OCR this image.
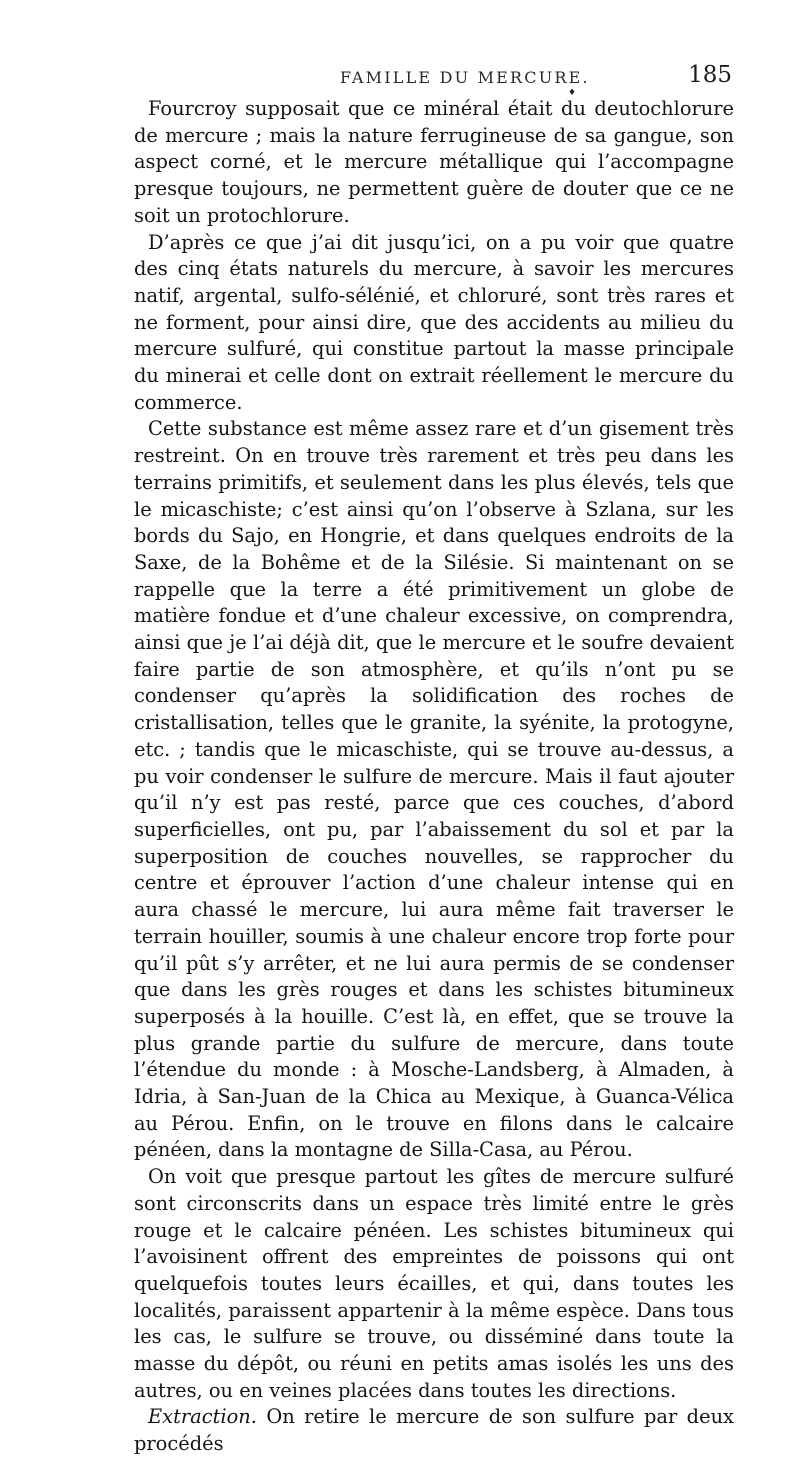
FAMILLE DU MERCURE.
♦
185

Fourcroy supposait que ce minéral était du deutochlorure de mercure ; mais la nature ferrugineuse de sa gangue, son aspect corné, et le mercure métallique qui l’accompagne presque toujours, ne permettent guère de douter que ce ne soit un protochlorure.

D’après ce que j’ai dit jusqu’ici, on a pu voir que quatre des cinq états naturels du mercure, à savoir les mercures natif, argental, sulfo-sélénié, et chloruré, sont très rares et ne forment, pour ainsi dire, que des accidents au milieu du mercure sulfuré, qui constitue partout la masse principale du minerai et celle dont on extrait réellement le mercure du commerce.

Cette substance est même assez rare et d’un gisement très restreint. On en trouve très rarement et très peu dans les terrains primitifs, et seulement dans les plus élevés, tels que le micaschiste; c’est ainsi qu’on l’observe à Szlana, sur les bords du Sajo, en Hongrie, et dans quelques endroits de la Saxe, de la Bohême et de la Silésie. Si maintenant on se rappelle que la terre a été primitivement un globe de matière fondue et d’une chaleur excessive, on comprendra, ainsi que je l’ai déjà dit, que le mercure et le soufre devaient faire partie de son atmosphère, et qu’ils n’ont pu se condenser qu’après la solidification des roches de cristallisation, telles que le granite, la syénite, la protogyne, etc. ; tandis que le micaschiste, qui se trouve au-dessus, a pu voir condenser le sulfure de mercure. Mais il faut ajouter qu’il n’y est pas resté, parce que ces couches, d’abord superficielles, ont pu, par l’abaissement du sol et par la superposition de couches nouvelles, se rapprocher du centre et éprouver l’action d’une chaleur intense qui en aura chassé le mercure, lui aura même fait traverser le terrain houiller, soumis à une chaleur encore trop forte pour qu’il pût s’y arrêter, et ne lui aura permis de se condenser que dans les grès rouges et dans les schistes bitumineux superposés à la houille. C’est là, en effet, que se trouve la plus grande partie du sulfure de mercure, dans toute l’étendue du monde : à Mosche-Landsberg, à Almaden, à Idria, à San-Juan de la Chica au Mexique, à Guanca-Vélica au Pérou. Enfin, on le trouve en filons dans le calcaire pénéen, dans la montagne de Silla-Casa, au Pérou.

On voit que presque partout les gîtes de mercure sulfuré sont circonscrits dans un espace très limité entre le grès rouge et le calcaire pénéen. Les schistes bitumineux qui l’avoisinent offrent des empreintes de poissons qui ont quelquefois toutes leurs écailles, et qui, dans toutes les localités, paraissent appartenir à la même espèce. Dans tous les cas, le sulfure se trouve, ou disséminé dans toute la masse du dépôt, ou réuni en petits amas isolés les uns des autres, ou en veines placées dans toutes les directions.

Extraction. On retire le mercure de son sulfure par deux procédés
